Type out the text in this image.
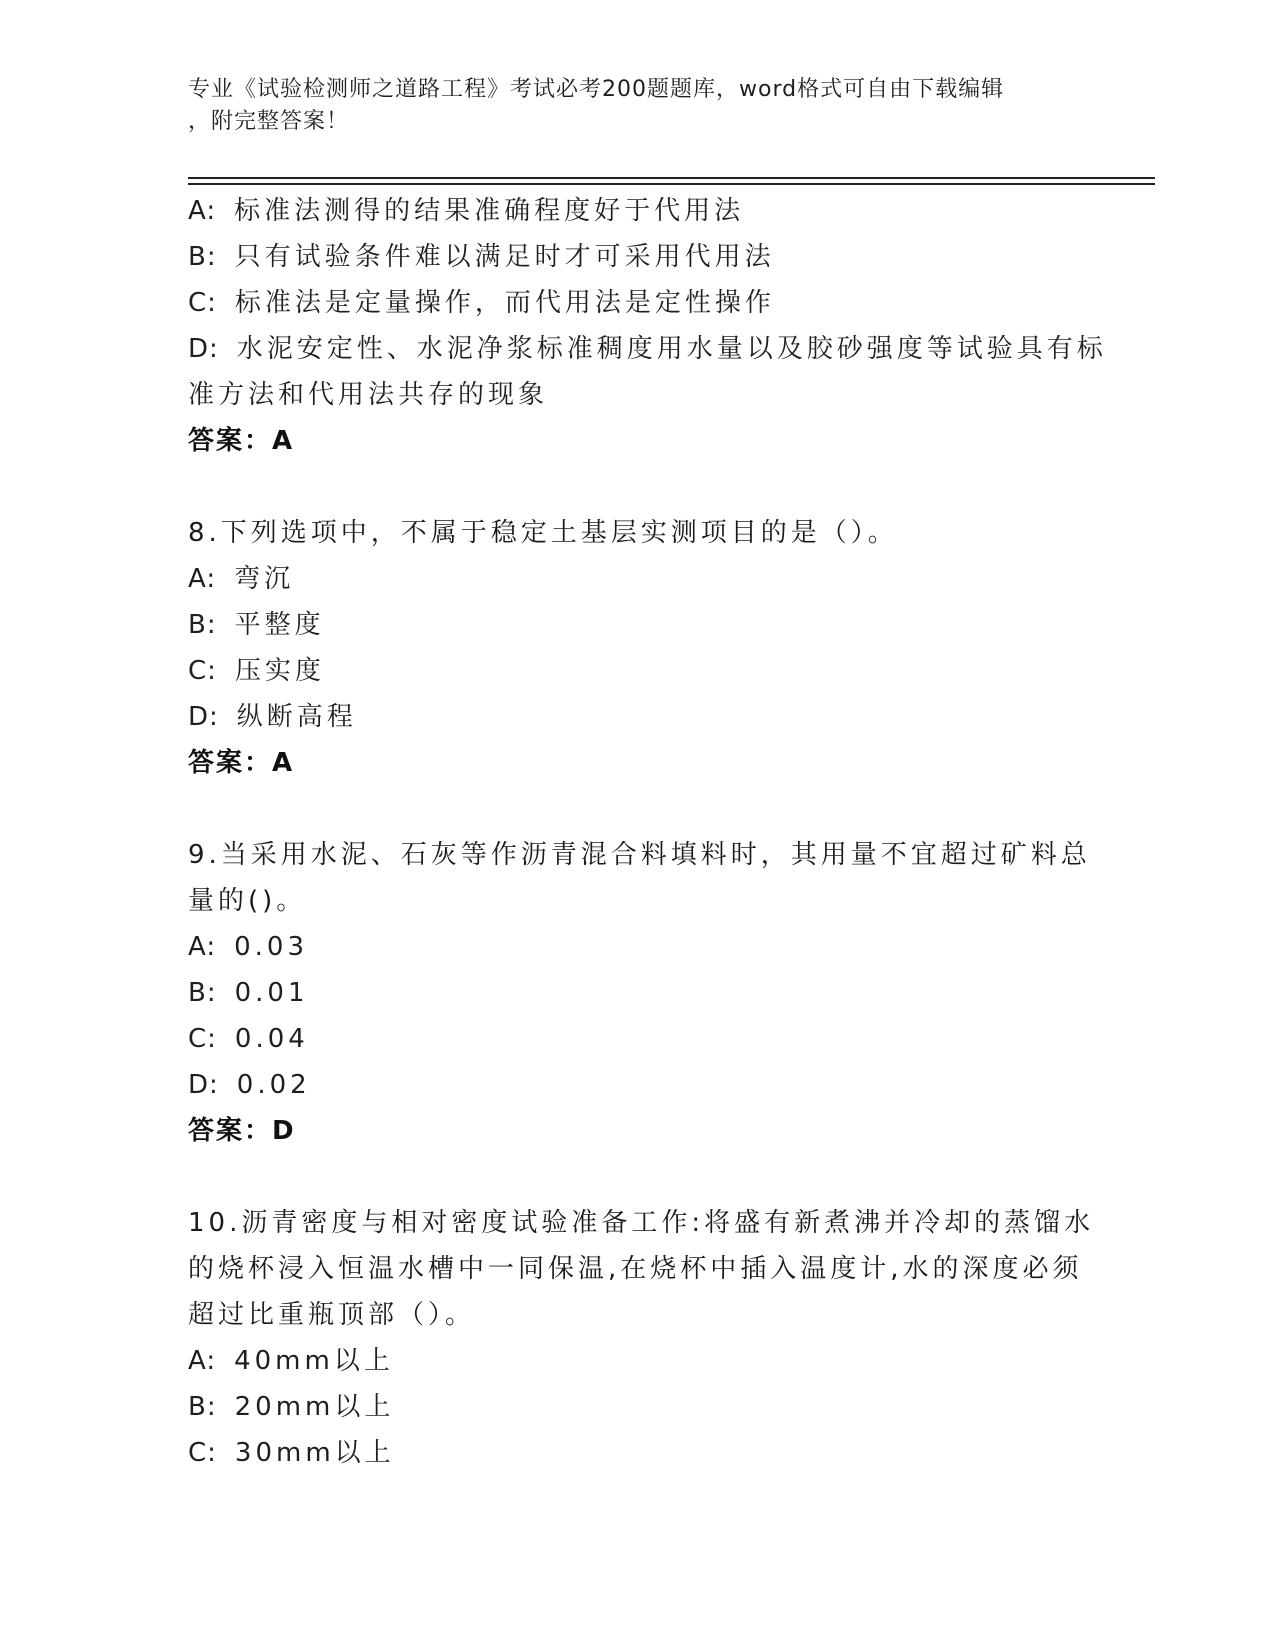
专业《试验检测师之道路工程》考试必考200题题库，word格式可自由下载编辑
，附完整答案！
A: 标准法测得的结果准确程度好于代用法
B: 只有试验条件难以满足时才可采用代用法
C: 标准法是定量操作，而代用法是定性操作
D: 水泥安定性、水泥净浆标准稠度用水量以及胶砂强度等试验具有标
准方法和代用法共存的现象
答案：A
8.下列选项中，不属于稳定土基层实测项目的是（）。
A: 弯沉
B: 平整度
C: 压实度
D: 纵断高程
答案：A
9.当采用水泥、石灰等作沥青混合料填料时，其用量不宜超过矿料总
量的()。
A: 0.03
B: 0.01
C: 0.04
D: 0.02
答案：D
10.沥青密度与相对密度试验准备工作:将盛有新煮沸并冷却的蒸馏水
的烧杯浸入恒温水槽中一同保温,在烧杯中插入温度计,水的深度必须
超过比重瓶顶部（）。
A: 40mm以上
B: 20mm以上
C: 30mm以上
